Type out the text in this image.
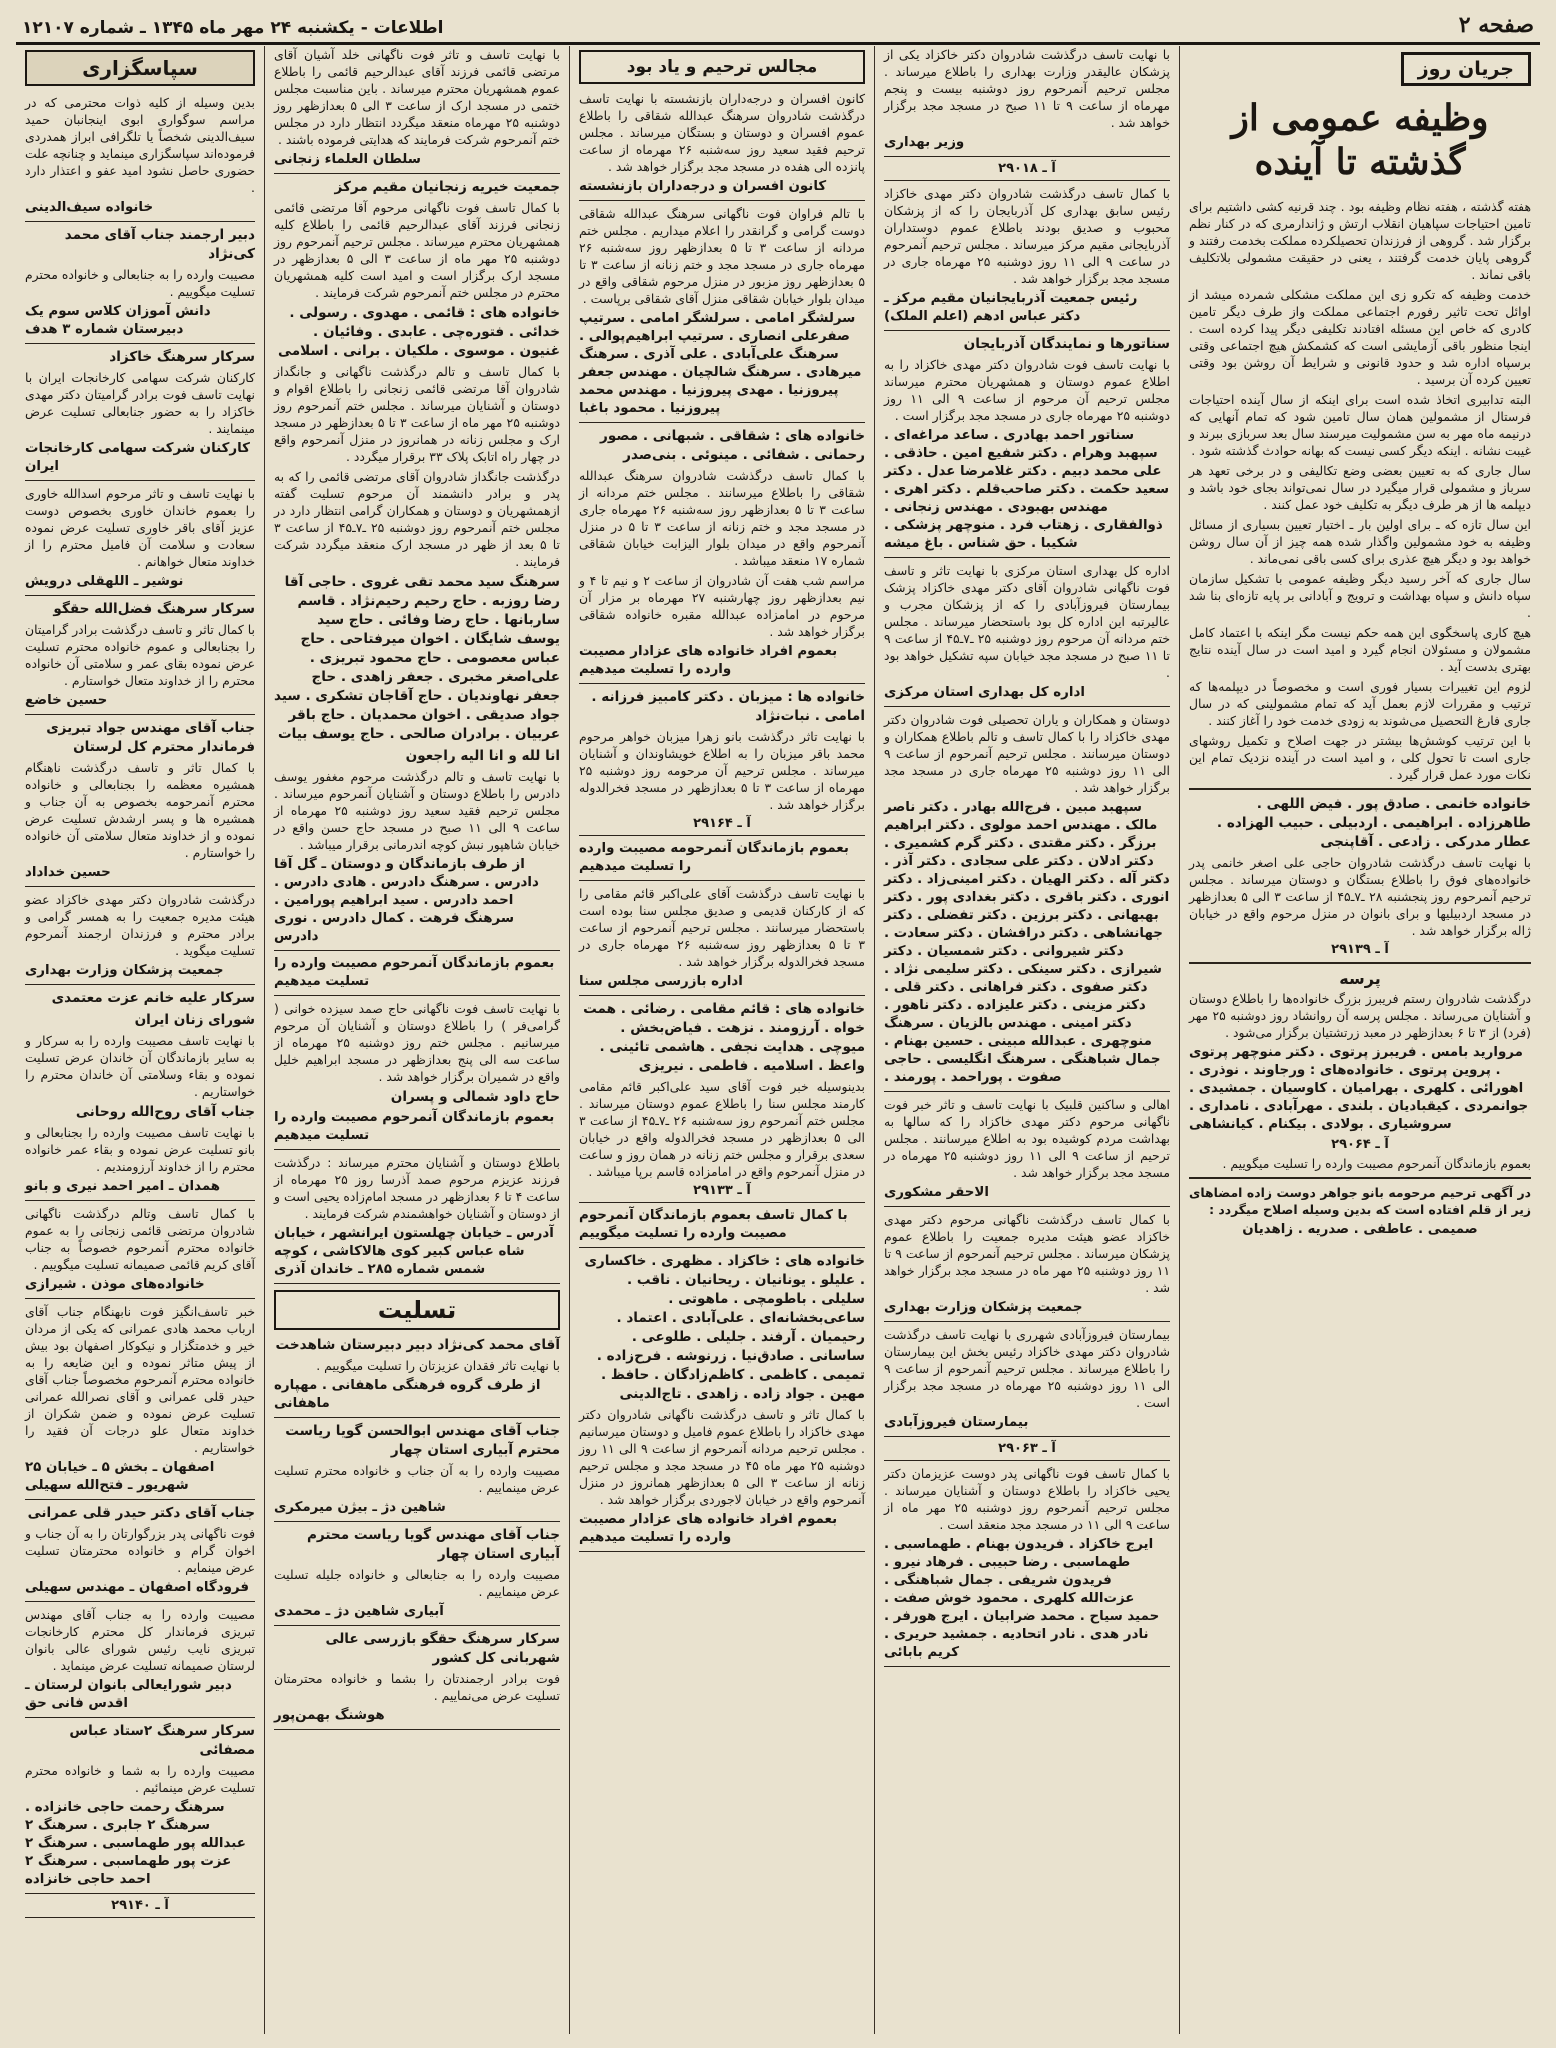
صفحه ۲
اطلاعات - یکشنبه ۲۴ مهر ماه ۱۳۴۵ ـ شماره ۱۲۱۰۷
جریان روز
وظیفه عمومی از گذشته تا آینده

هفته گذشته ، هفته نظام وظیفه بود . چند قرنیه کشی داشتیم برای تامین احتیاجات سپاهیان انقلاب ارتش و ژاندارمری که در کنار نظم برگزار شد . گروهی از فرزندان تحصیلکرده مملکت بخدمت رفتند و گروهی پایان خدمت گرفتند ، یعنی در حقیقت مشمولی بلاتکلیف باقی نماند .

خدمت وظیفه که تکرو زی این مملکت مشکلی شمرده میشد از اوائل تحت تاثیر رفورم اجتماعی مملکت واز طرف دیگر تامین کادری که خاص این مسئله افتادند تکلیفی دیگر پیدا کرده است . اینجا منظور باقی آزمایشی است که کشمکش هیچ اجتماعی وقتی برسپاه اداره شد و حدود قانونی و شرایط آن روشن بود وقتی تعیین کرده آن برسید .

البته تدابیری اتخاذ شده است برای اینکه از سال آینده احتیاجات فرستال از مشمولین همان سال تامین شود که تمام آنهایی که درنیمه ماه مهر به سن مشمولیت میرسند سال بعد سربازی ببرند و غیبت نشانه . اینکه دیگر کسی نیست که بهانه حوادث گذشته شود .

سال جاری که به تعیین بعضی وضع تکالیفی و در برخی تعهد هر سرباز و مشمولی قرار میگیرد در سال نمی‌تواند بجای خود باشد و دیپلمه ها از هر طرف دیگر به تکلیف خود عمل کنند .

این سال تازه که ـ برای اولین بار ـ اختیار تعیین بسیاری از مسائل وظیفه به خود مشمولین واگذار شده همه چیز از آن سال روشن خواهد بود و دیگر هیچ عذری برای کسی باقی نمی‌ماند .

سال جاری که آخر رسید دیگر وظیفه عمومی با تشکیل سازمان سپاه دانش و سپاه بهداشت و ترویج و آبادانی بر پایه تازه‌ای بنا شد .

هیچ کاری پاسخگوی این همه حکم نیست مگر اینکه با اعتماد کامل مشمولان و مسئولان انجام گیرد و امید است در سال آینده نتایج بهتری بدست آید .

لزوم این تغییرات بسیار فوری است و مخصوصاً در دیپلمه‌ها که ترتیب و مقررات لازم بعمل آید که تمام مشمولینی که در سال جاری فارغ التحصیل می‌شوند به زودی خدمت خود را آغاز کنند .

با این ترتیب کوشش‌ها بیشتر در جهت اصلاح و تکمیل روشهای جاری است تا تحول کلی ، و امید است در آینده نزدیک تمام این نکات مورد عمل قرار گیرد .

خانواده خانمی . صادق پور . فیض اللهی . طاهرزاده . ابراهیمی . اردبیلی . حبیب الهزاده . عطار مدرکی . زادعی . آقاپنجی

با نهایت تاسف درگذشت شادروان حاجی علی اصغر خانمی پدر خانواده‌های فوق را باطلاع بستگان و دوستان میرساند . مجلس ترحیم آنمرحوم روز پنجشنبه ۲۸ ـ۷ـ۴۵ از ساعت ۳ الی ۵ بعدازظهر در مسجد اردبیلیها و برای بانوان در منزل مرحوم واقع در خیابان ژاله برگزار خواهد شد .

آ ـ ۲۹۱۳۹
پرسه

درگذشت شادروان رستم فریبرز بزرگ خانواده‌ها را باطلاع دوستان و آشنایان می‌رساند . مجلس پرسه آن روانشاد روز دوشنبه ۲۵ مهر (فرد) از ۳ تا ۶ بعدازظهر در معبد زرتشتیان برگزار می‌شود .

مروارید بامس . فریبرز پرتوی . دکتر منوچهر پرتوی . پروین پرتوی . خانواده‌های : ورجاوند . نوذری . اهورائی . کلهری . بهرامیان . کاوسیان . جمشیدی . جوانمردی . کیقبادیان . بلندی . مهرآبادی . نامداری . سروشیاری . بولادی . بیکنام . کیانشاهی
آ ـ ۲۹۰۶۴

بعموم بازماندگان آنمرحوم مصیبت وارده را تسلیت میگوییم .

در آگهی ترحیم مرحومه بانو جواهر دوست زاده امضاهای زیر از قلم افتاده است که بدین وسیله اصلاح میگردد :

صمیمی . عاطفی . صدریه . زاهدیان

با نهایت تاسف درگذشت شادروان دکتر خاکزاد یکی از پزشکان عالیقدر وزارت بهداری را باطلاع میرساند . مجلس ترحیم آنمرحوم روز دوشنبه بیست و پنجم مهرماه از ساعت ۹ تا ۱۱ صبح در مسجد مجد برگزار خواهد شد .

وزیر بهداری
آ ـ ۲۹۰۱۸

با کمال تاسف درگذشت شادروان دکتر مهدی خاکزاد رئیس سابق بهداری کل آذربایجان را که از پزشکان محبوب و صدیق بودند باطلاع عموم دوستداران آذربایجانی مقیم مرکز میرساند . مجلس ترحیم آنمرحوم در ساعت ۹ الی ۱۱ روز دوشنبه ۲۵ مهرماه جاری در مسجد مجد برگزار خواهد شد .

رئیس جمعیت آذربایجانیان مقیم مرکز ـ دکتر عباس ادهم (اعلم الملک)
سناتورها و نمایندگان آذربایجان

با نهایت تاسف فوت شادروان دکتر مهدی خاکزاد را به اطلاع عموم دوستان و همشهریان محترم میرساند مجلس ترحیم آن مرحوم از ساعت ۹ الی ۱۱ روز دوشنبه ۲۵ مهرماه جاری در مسجد مجد برگزار است .

سناتور احمد بهادری . ساعد مراغه‌ای . سپهبد وهرام . دکتر شفیع امین . حاذقی . علی محمد دبیم . دکتر غلامرضا عدل . دکتر سعید حکمت . دکتر صاحب‌قلم . دکتر اهری . مهندس بهبودی . مهندس زنجانی . ذوالفقاری . زهتاب فرد . منوچهر پزشکی . شکیبا . حق شناس . باغ میشه

اداره کل بهداری استان مرکزی با نهایت تاثر و تاسف فوت ناگهانی شادروان آقای دکتر مهدی خاکزاد پزشک بیمارستان فیروزآبادی را که از پزشکان مجرب و عالیرتبه این اداره کل بود باستحضار میرساند . مجلس ختم مردانه آن مرحوم روز دوشنبه ۲۵ ـ۷ـ۴۵ از ساعت ۹ تا ۱۱ صبح در مسجد مجد خیابان سپه تشکیل خواهد بود .

اداره کل بهداری استان مرکزی

دوستان و همکاران و یاران تحصیلی فوت شادروان دکتر مهدی خاکزاد را با کمال تاسف و تالم باطلاع همکاران و دوستان میرسانند . مجلس ترحیم آنمرحوم از ساعت ۹ الی ۱۱ روز دوشنبه ۲۵ مهرماه جاری در مسجد مجد برگزار خواهد شد .

سپهبد مبین . فرج‌الله بهادر . دکتر ناصر مالک . مهندس احمد مولوی . دکتر ابراهیم برزگر . دکتر مقتدی . دکتر گرم کشمیری . دکتر ادلان . دکتر علی سجادی . دکتر آذر . دکتر آله . دکتر الهیان . دکتر امینی‌زاد . دکتر انوری . دکتر باقری . دکتر بغدادی پور . دکتر بهبهانی . دکتر برزین . دکتر تفضلی . دکتر جهانشاهی . دکتر درافشان . دکتر سعادت . دکتر شیروانی . دکتر شمسیان . دکتر شیرازی . دکتر سینکی . دکتر سلیمی نژاد . دکتر صفوی . دکتر فراهانی . دکتر قلی . دکتر مزینی . دکتر علیزاده . دکتر ناهور . دکتر امینی . مهندس بالزیان . سرهنگ منوچهری . عبدالله مبینی . حسین بهنام . جمال شباهنگی . سرهنگ انگلیسی . حاجی صفوت . پوراحمد . پورمند .

اهالی و ساکنین قلبیک با نهایت تاسف و تاثر خبر فوت ناگهانی مرحوم دکتر مهدی خاکزاد را که سالها به بهداشت مردم کوشیده بود به اطلاع میرسانند . مجلس ترحیم از ساعت ۹ الی ۱۱ روز دوشنبه ۲۵ مهرماه در مسجد مجد برگزار خواهد شد .

الاحقر مشکوری

با کمال تاسف درگذشت ناگهانی مرحوم دکتر مهدی خاکزاد عضو هیئت مدیره جمعیت را باطلاع عموم پزشکان میرساند . مجلس ترحیم آنمرحوم از ساعت ۹ تا ۱۱ روز دوشنبه ۲۵ مهر ماه در مسجد مجد برگزار خواهد شد .

جمعیت پزشکان وزارت بهداری

بیمارستان فیروزآبادی شهرری با نهایت تاسف درگذشت شادروان دکتر مهدی خاکزاد رئیس بخش این بیمارستان را باطلاع میرساند . مجلس ترحیم آنمرحوم از ساعت ۹ الی ۱۱ روز دوشنبه ۲۵ مهرماه در مسجد مجد برگزار است .

بیمارستان فیروزآبادی
آ ـ ۲۹۰۶۳

با کمال تاسف فوت ناگهانی پدر دوست عزیزمان دکتر یحیی خاکزاد را باطلاع دوستان و آشنایان میرساند . مجلس ترحیم آنمرحوم روز دوشنبه ۲۵ مهر ماه از ساعت ۹ الی ۱۱ در مسجد مجد منعقد است .

ایرج خاکزاد . فریدون بهنام . طهماسبی . طهماسبی . رضا حبیبی . فرهاد نیرو . فریدون شریفی . جمال شباهنگی . عزت‌الله کلهری . محمود خوش صفت . حمید سیاح . محمد ضرابیان . ایرج هورفر . نادر هدی . نادر اتحادیه . جمشید حریری . کریم بابائی
مجالس ترحیم و یاد بود

کانون افسران و درجه‌داران بازنشسته با نهایت تاسف درگذشت شادروان سرهنگ عبدالله شقاقی را باطلاع عموم افسران و دوستان و بستگان میرساند . مجلس ترحیم فقید سعید روز سه‌شنبه ۲۶ مهرماه از ساعت پانزده الی هفده در مسجد مجد برگزار خواهد شد .

کانون افسران و درجه‌داران بازنشسته

با تالم فراوان فوت ناگهانی سرهنگ عبدالله شقاقی دوست گرامی و گرانقدر را اعلام میداریم . مجلس ختم مردانه از ساعت ۳ تا ۵ بعدازظهر روز سه‌شنبه ۲۶ مهرماه جاری در مسجد مجد و ختم زنانه از ساعت ۳ تا ۵ بعدازظهر روز مزبور در منزل مرحوم شقاقی واقع در میدان بلوار خیابان شقاقی منزل آقای شقاقی برپاست .

سرلشگر امامی . سرلشگر امامی . سرتیپ صفرعلی انصاری . سرتیپ ابراهیم‌پوالی . سرهنگ علی‌آبادی . علی آذری . سرهنگ میرهادی . سرهنگ شالچیان . مهندس جعفر پیروزنیا . مهدی پیروزنیا . مهندس محمد پیروزنیا . محمود باغبا
خانواده های : شقاقی . شبهانی . مصور رحمانی . شفائی . مینوئی . بنی‌صدر

با کمال تاسف درگذشت شادروان سرهنگ عبدالله شقاقی را باطلاع میرسانند . مجلس ختم مردانه از ساعت ۳ تا ۵ بعدازظهر روز سه‌شنبه ۲۶ مهرماه جاری در مسجد مجد و ختم زنانه از ساعت ۳ تا ۵ در منزل آنمرحوم واقع در میدان بلوار الیزابت خیابان شقاقی شماره ۱۷ منعقد میباشد .

مراسم شب هفت آن شادروان از ساعت ۲ و نیم تا ۴ و نیم بعدازظهر روز چهارشنبه ۲۷ مهرماه بر مزار آن مرحوم در امامزاده عبدالله مقبره خانواده شقاقی برگزار خواهد شد .

بعموم افراد خانواده های عزادار مصیبت وارده را تسلیت میدهیم
خانواده ها : میزبان . دکتر کامبیز فرزانه . امامی . نبات‌نژاد

با نهایت تاثر درگذشت بانو زهرا میزبان خواهر مرحوم محمد باقر میزبان را به اطلاع خویشاوندان و آشنایان میرساند . مجلس ترحیم آن مرحومه روز دوشنبه ۲۵ مهرماه از ساعت ۳ تا ۵ بعدازظهر در مسجد فخرالدوله برگزار خواهد شد .

آ ـ ۲۹۱۶۴
بعموم بازماندگان آنمرحومه مصیبت وارده را تسلیت میدهیم

با نهایت تاسف درگذشت آقای علی‌اکبر قائم مقامی را که از کارکنان قدیمی و صدیق مجلس سنا بوده است باستحضار میرسانند . مجلس ترحیم آنمرحوم از ساعت ۳ تا ۵ بعدازظهر روز سه‌شنبه ۲۶ مهرماه جاری در مسجد فخرالدوله برگزار خواهد شد .

اداره بازرسی مجلس سنا
خانواده های : قائم مقامی . رضائی . همت خواه . آرزومند . نزهت . فیاض‌بخش . میوچی . هدایت نجفی . هاشمی تائینی . واعظ . اسلامیه . فاطمی . نیریزی

بدینوسیله خبر فوت آقای سید علی‌اکبر قائم مقامی کارمند مجلس سنا را باطلاع عموم دوستان میرساند . مجلس ختم آنمرحوم روز سه‌شنبه ۲۶ ـ۷ـ۴۵ از ساعت ۳ الی ۵ بعدازظهر در مسجد فخرالدوله واقع در خیابان سعدی برقرار و مجلس ختم زنانه در همان روز و ساعت در منزل آنمرحوم واقع در امامزاده قاسم برپا میباشد .

آ ـ ۲۹۱۳۳
با کمال تاسف بعموم بازماندگان آنمرحوم مصیبت وارده را تسلیت میگوییم
خانواده های : خاکزاد . مظهری . خاکساری . علیلو . یونانیان . ریحانیان . ناقب . سلیلی . باطومچی . ماهوتی . ساعی‌بخشانه‌ای . علی‌آبادی . اعتماد . رحیمیان . آرفند . جلیلی . طلوعی . ساسانی . صادق‌نیا . زرنوشه . فرح‌زاده . تمیمی . کاظمی . کاظم‌زادگان . حافظ . مهین . جواد زاده . زاهدی . تاج‌الدینی

با کمال تاثر و تاسف درگذشت ناگهانی شادروان دکتر مهدی خاکزاد را باطلاع عموم فامیل و دوستان میرسانیم . مجلس ترحیم مردانه آنمرحوم از ساعت ۹ الی ۱۱ روز دوشنبه ۲۵ مهر ماه ۴۵ در مسجد مجد و مجلس ترحیم زنانه از ساعت ۳ الی ۵ بعدازظهر همانروز در منزل آنمرحوم واقع در خیابان لاجوردی برگزار خواهد شد .

بعموم افراد خانواده های عزادار مصیبت وارده را تسلیت میدهیم

با نهایت تاسف و تاثر فوت ناگهانی خلد آشیان آقای مرتضی قائمی فرزند آقای عبدالرحیم قائمی را باطلاع عموم همشهریان محترم میرساند . باین مناسبت مجلس ختمی در مسجد ارک از ساعت ۳ الی ۵ بعدازظهر روز دوشنبه ۲۵ مهرماه منعقد میگردد انتظار دارد در مجلس ختم آنمرحوم شرکت فرمایند که هدایتی فرموده باشند .

سلطان العلماء زنجانی
جمعیت خیریه زنجانیان مقیم مرکز

با کمال تاسف فوت ناگهانی مرحوم آقا مرتضی قائمی زنجانی فرزند آقای عبدالرحیم قائمی را باطلاع کلیه همشهریان محترم میرساند . مجلس ترحیم آنمرحوم روز دوشنبه ۲۵ مهر ماه از ساعت ۳ الی ۵ بعدازظهر در مسجد ارک برگزار است و امید است کلیه همشهریان محترم در مجلس ختم آنمرحوم شرکت فرمایند .

خانواده های : قائمی . مهدوی . رسولی . خدائی . فتوره‌چی . عابدی . وفائیان . غنیون . موسوی . ملکیان . برانی . اسلامی

با کمال تاسف و تالم درگذشت ناگهانی و جانگداز شادروان آقا مرتضی قائمی زنجانی را باطلاع اقوام و دوستان و آشنایان میرساند . مجلس ختم آنمرحوم روز دوشنبه ۲۵ مهر ماه از ساعت ۳ تا ۵ بعدازظهر در مسجد ارک و مجلس زنانه در همانروز در منزل آنمرحوم واقع در چهار راه اتابک پلاک ۳۳ برقرار میگردد .

درگذشت جانگداز شادروان آقای مرتضی قائمی را که به پدر و برادر دانشمند آن مرحوم تسلیت گفته ازهمشهریان و دوستان و همکاران گرامی انتظار دارد در مجلس ختم آنمرحوم روز دوشنبه ۲۵ ـ۷ـ۴۵ از ساعت ۳ تا ۵ بعد از ظهر در مسجد ارک منعقد میگردد شرکت فرمایند .

سرهنگ سید محمد تقی غروی . حاجی آقا رضا روزبه . حاج رحیم رحیم‌نژاد . قاسم ساربانها . حاج رضا وفائی . حاج سید یوسف شایگان . اخوان میرفتاحی . حاج عباس معصومی . حاج محمود تبریزی . علی‌اصغر مخبری . جعفر زاهدی . حاج جعفر نهاوندیان . حاج آقاجان تشکری . سید جواد صدیقی . اخوان محمدیان . حاج باقر عربیان . برادران صالحی . حاج یوسف بیات
انا لله و انا الیه راجعون

با نهایت تاسف و تالم درگذشت مرحوم مغفور یوسف دادرس را باطلاع دوستان و آشنایان آنمرحوم میرساند . مجلس ترحیم فقید سعید روز دوشنبه ۲۵ مهرماه از ساعت ۹ الی ۱۱ صبح در مسجد حاج حسن واقع در خیابان شاهپور نبش کوچه اندرمانی برقرار میباشد .

از طرف بازماندگان و دوستان ـ گل آقا دادرس . سرهنگ دادرس . هادی دادرس . احمد دادرس . سید ابراهیم پورامین . سرهنگ فرهت . کمال دادرس . نوری دادرس
بعموم بازماندگان آنمرحوم مصیبت وارده را تسلیت میدهیم

با نهایت تاسف فوت ناگهانی حاج صمد سیزده خوانی ( گرامی‌فر ) را باطلاع دوستان و آشنایان آن مرحوم میرسانیم . مجلس ختم روز دوشنبه ۲۵ مهرماه از ساعت سه الی پنج بعدازظهر در مسجد ابراهیم خلیل واقع در شمیران برگزار خواهد شد .

حاج داود شمالی و پسران
بعموم بازماندگان آنمرحوم مصیبت وارده را تسلیت میدهیم

باطلاع دوستان و آشنایان محترم میرساند : درگذشت فرزند عزیزم مرحوم صمد آذرسا روز ۲۵ مهرماه از ساعت ۴ تا ۶ بعدازظهر در مسجد امام‌زاده یحیی است و از دوستان و آشنایان خواهشمندم شرکت فرمایند .

آدرس ـ خیابان چهلستون ایرانشهر ، خیابان شاه عباس کبیر کوی هالاکاشی ، کوچه شمس شماره ۲۸۵ ـ خاندان آذری
تسلیت
آقای محمد کی‌نژاد دبیر دبیرستان شاهدخت

با نهایت تاثر فقدان عزیزتان را تسلیت میگوییم .

از طرف گروه فرهنگی ماهفانی . مهپاره ماهفانی
جناب آقای مهندس ابوالحسن گویا ریاست محترم آبیاری استان چهار

مصیبت وارده را به آن جناب و خانواده محترم تسلیت عرض مینماییم .

شاهین دژ ـ بیژن میرمکری
جناب آقای مهندس گویا ریاست محترم آبیاری استان چهار

مصیبت وارده را به جنابعالی و خانواده جلیله تسلیت عرض مینماییم .

آبیاری شاهین دژ ـ محمدی
سرکار سرهنگ حقگو بازرسی عالی شهربانی کل کشور

فوت برادر ارجمندتان را بشما و خانواده محترمتان تسلیت عرض می‌نماییم .

هوشنگ بهمن‌پور
سپاسگزاری

بدین وسیله از کلیه ذوات محترمی که در مراسم سوگواری ابوی اینجانبان حمید سیف‌الدینی شخصاً یا تلگرافی ابراز همدردی فرموده‌اند سپاسگزاری مینماید و چنانچه علت حضوری حاصل نشود امید عفو و اعتذار دارد .

خانواده سیف‌الدینی
دبیر ارجمند جناب آقای محمد کی‌نژاد

مصیبت وارده را به جنابعالی و خانواده محترم تسلیت میگوییم .

دانش آموزان کلاس سوم یک دبیرستان شماره ۳ هدف
سرکار سرهنگ خاکزاد

کارکنان شرکت سهامی کارخانجات ایران با نهایت تاسف فوت برادر گرامیتان دکتر مهدی خاکزاد را به حضور جنابعالی تسلیت عرض مینمایند .

کارکنان شرکت سهامی کارخانجات ایران

با نهایت تاسف و تاثر مرحوم اسدالله خاوری را بعموم خاندان خاوری بخصوص دوست عزیز آقای باقر خاوری تسلیت عرض نموده سعادت و سلامت آن فامیل محترم را از خداوند متعال خواهانم .

نوشیر ـ اللهقلی درویش
سرکار سرهنگ فضل‌الله حقگو

با کمال تاثر و تاسف درگذشت برادر گرامیتان را بجنابعالی و عموم خانواده محترم تسلیت عرض نموده بقای عمر و سلامتی آن خانواده محترم را از خداوند متعال خواستارم .

حسین خاضع
جناب آقای مهندس جواد تبریزی فرماندار محترم کل لرستان

با کمال تاثر و تاسف درگذشت ناهنگام همشیره معظمه را بجنابعالی و خانواده محترم آنمرحومه بخصوص به آن جناب و همشیره ها و پسر ارشدش تسلیت عرض نموده و از خداوند متعال سلامتی آن خانواده را خواستارم .

حسین خداداد

درگذشت شادروان دکتر مهدی خاکزاد عضو هیئت مدیره جمعیت را به همسر گرامی و برادر محترم و فرزندان ارجمند آنمرحوم تسلیت میگوید .

جمعیت پزشکان وزارت بهداری
سرکار علیه خانم عزت معتمدی
شورای زنان ایران

با نهایت تاسف مصیبت وارده را به سرکار و به سایر بازماندگان آن خاندان عرض تسلیت نموده و بقاء وسلامتی آن خاندان محترم را خواستاریم .

جناب آقای روح‌الله روحانی

با نهایت تاسف مصیبت وارده را بجنابعالی و بانو تسلیت عرض نموده و بقاء عمر خانواده محترم را از خداوند آرزومندیم .

همدان ـ امیر احمد نیری و بانو

با کمال تاسف وتالم درگذشت ناگهانی شادروان مرتضی قائمی زنجانی را به عموم خانواده محترم آنمرحوم خصوصاً به جناب آقای کریم قائمی صمیمانه تسلیت میگوییم .

خانواده‌های موذن . شیرازی

خبر تاسف‌انگیز فوت نابهنگام جناب آقای ارباب محمد هادی عمرانی که یکی از مردان خیر و خدمتگزار و نیکوکار اصفهان بود بیش از پیش متاثر نموده و این ضایعه را به خانواده محترم آنمرحوم مخصوصاً جناب آقای حیدر قلی عمرانی و آقای نصرالله عمرانی تسلیت عرض نموده و ضمن شکران از خداوند متعال علو درجات آن فقید را خواستاریم .

اصفهان ـ بخش ۵ ـ خیابان ۲۵ شهریور ـ فتح‌الله سهیلی
جناب آقای دکتر حیدر قلی عمرانی

فوت ناگهانی پدر بزرگوارتان را به آن جناب و اخوان گرام و خانواده محترمتان تسلیت عرض مینمایم .

فرودگاه اصفهان ـ مهندس سهیلی

مصیبت وارده را به جناب آقای مهندس تبریزی فرماندار کل محترم کارخانجات تبریزی نایب رئیس شورای عالی بانوان لرستان صمیمانه تسلیت عرض مینماید .

دبیر شورایعالی بانوان لرستان ـ اقدس فانی حق
سرکار سرهنگ ۲ستاد عباس مصفائی

مصیبت وارده را به شما و خانواده محترم تسلیت عرض مینمائیم .

سرهنگ رحمت حاجی خانزاده . سرهنگ ۲ جابری . سرهنگ ۲ عبدالله پور طهماسبی . سرهنگ ۲ عزت پور طهماسبی . سرهنگ ۲ احمد حاجی خانزاده
آ ـ ۲۹۱۴۰
